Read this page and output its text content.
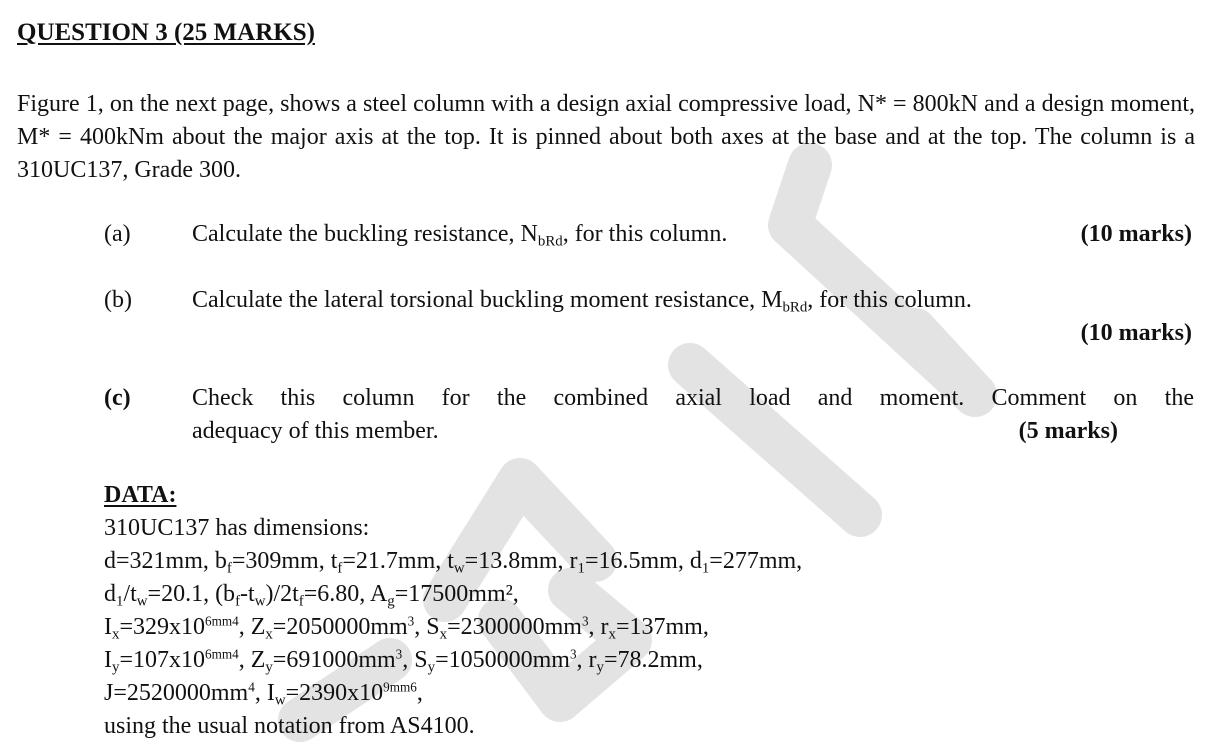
QUESTION 3 (25 MARKS)
Figure 1, on the next page, shows a steel column with a design axial compressive load, N* = 800kN and a design moment, M* = 400kNm about the major axis at the top. It is pinned about both axes at the base and at the top. The column is a 310UC137, Grade 300.
(a)	Calculate the buckling resistance, $N_{bRd}$, for this column.	(10 marks)
(b)	Calculate the lateral torsional buckling moment resistance, $M_{bRd}$, for this column.
(10 marks)
(c)	Check this column for the combined axial load and moment. Comment on the
adequacy of this member.	(5 marks)
DATA:
310UC137 has dimensions:
d=321mm, $b_f=309mm$, $t_f=21.7mm$, $t_w=13.8mm$, $r_1=16.5mm$, $d_1=277mm$,
$d_1/t_w=20.1$, $(b_f-t_w)/2t_f=6.80$, $A_g=17500mm^2$,
$I_x=329x10^{6mm4}$, $Z_x=2050000mm^3$, $S_x=2300000mm^3$, $r_x=137mm$,
$I_y=107x10^{6mm4}$, $Z_y=691000mm^3$, $S_y=1050000mm^3$, $r_y=78.2mm$,
$J=2520000mm^4$, $I_w=2390x10^{9mm6}$,
using the usual notation from AS4100.
